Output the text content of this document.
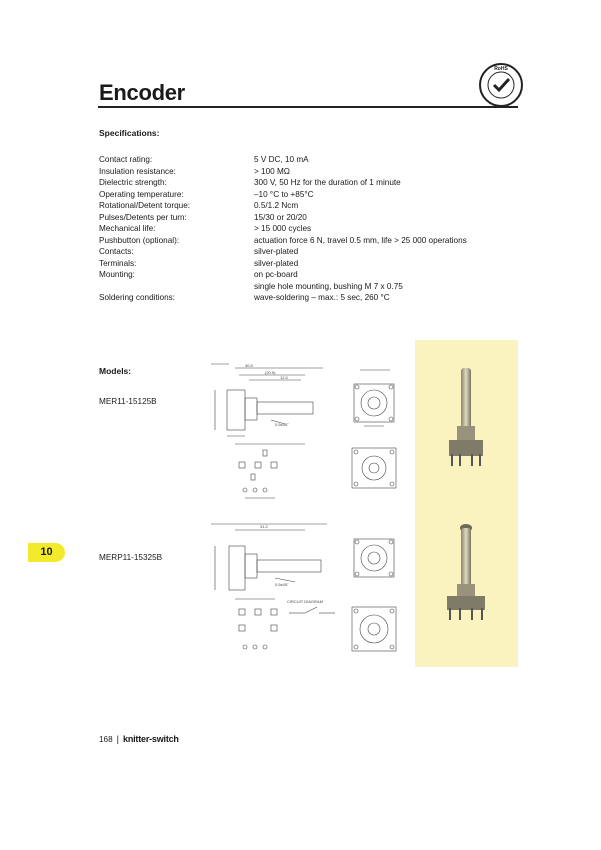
Encoder
RoHS
Specifications:
Contact rating:	5 V DC, 10 mA
Insulation resistance:	> 100 MΩ
Dielectric strength:	300 V, 50 Hz for the duration of 1 minute
Operating temperature:	–10 °C to +85°C
Rotational/Detent torque:	0.5/1.2 Ncm
Pulses/Detents per turn:	15/30 or 20/20
Mechanical life:	> 15 000 cycles
Pushbutton (optional):	actuation force 6 N, travel 0.5 mm, life > 25 000 operations
Contacts:	silver-plated
Terminals:	silver-plated
Mounting:	on pc-board
single hole mounting, bushing M 7 x 0.75
Soldering conditions:	wave-soldering – max.: 5 sec, 260 °C
Models:
MER11-15125B
MERP11-15325B
10
30.5
(20.5)
12.0
0.5x45°
31.2
0.5x45°
CIRCUIT DIAGRAM
168 | knitter-switch
